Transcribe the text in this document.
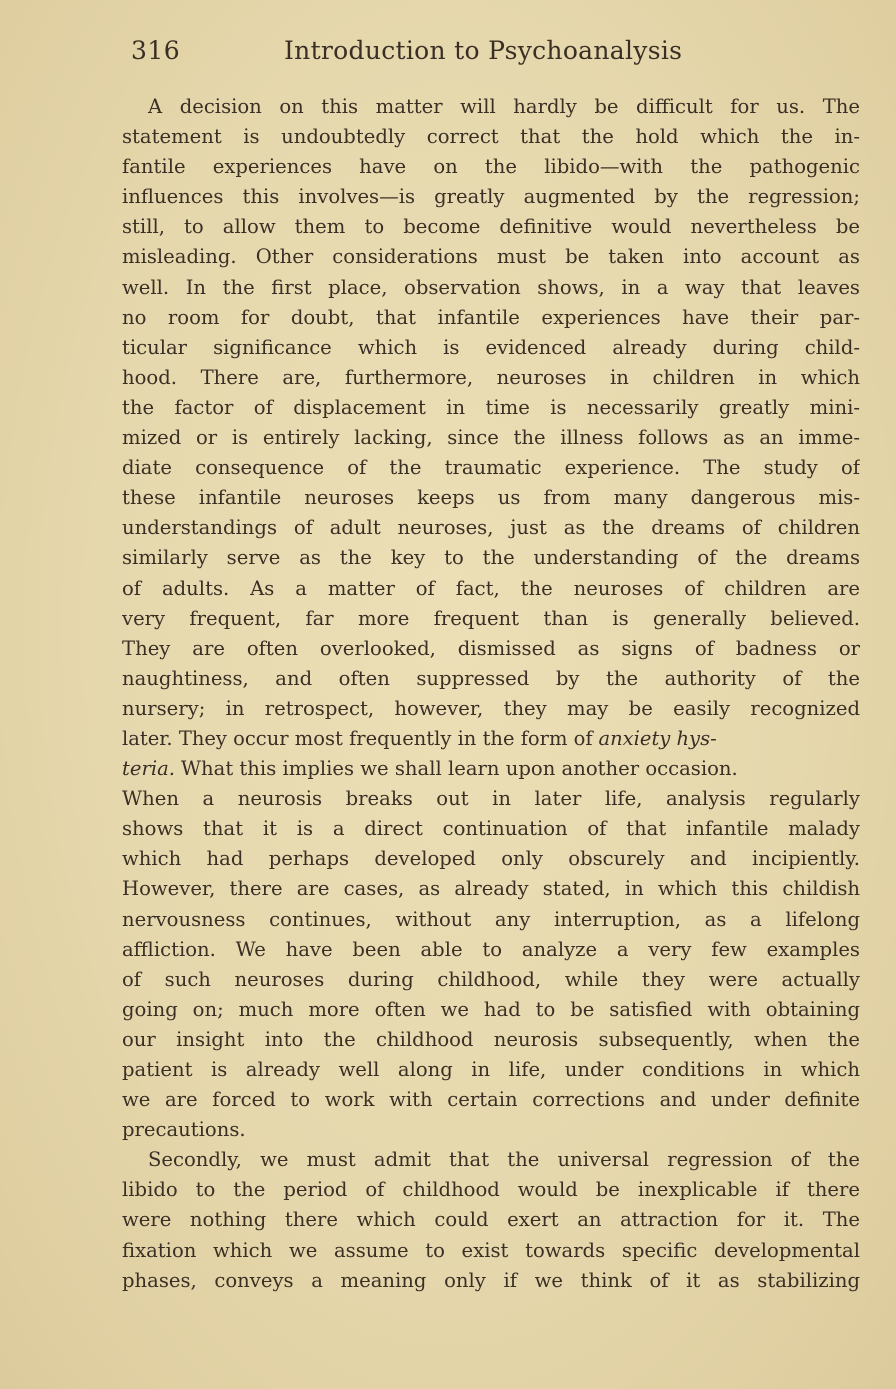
316	Introduction to Psychoanalysis
A decision on this matter will hardly be difficult for us. The
statement is undoubtedly correct that the hold which the in-
fantile experiences have on the libido—with the pathogenic
influences this involves—is greatly augmented by the regression;
still, to allow them to become definitive would nevertheless be
misleading. Other considerations must be taken into account as
well. In the first place, observation shows, in a way that leaves
no room for doubt, that infantile experiences have their par-
ticular significance which is evidenced already during child-
hood. There are, furthermore, neuroses in children in which
the factor of displacement in time is necessarily greatly mini-
mized or is entirely lacking, since the illness follows as an imme-
diate consequence of the traumatic experience. The study of
these infantile neuroses keeps us from many dangerous mis-
understandings of adult neuroses, just as the dreams of children
similarly serve as the key to the understanding of the dreams
of adults. As a matter of fact, the neuroses of children are
very frequent, far more frequent than is generally believed.
They are often overlooked, dismissed as signs of badness or
naughtiness, and often suppressed by the authority of the
nursery; in retrospect, however, they may be easily recognized
later. They occur most frequently in the form of anxiety hys-
teria. What this implies we shall learn upon another occasion.
When a neurosis breaks out in later life, analysis regularly
shows that it is a direct continuation of that infantile malady
which had perhaps developed only obscurely and incipiently.
However, there are cases, as already stated, in which this childish
nervousness continues, without any interruption, as a lifelong
affliction. We have been able to analyze a very few examples
of such neuroses during childhood, while they were actually
going on; much more often we had to be satisfied with obtaining
our insight into the childhood neurosis subsequently, when the
patient is already well along in life, under conditions in which
we are forced to work with certain corrections and under definite
precautions.
Secondly, we must admit that the universal regression of the
libido to the period of childhood would be inexplicable if there
were nothing there which could exert an attraction for it. The
fixation which we assume to exist towards specific developmental
phases, conveys a meaning only if we think of it as stabilizing
